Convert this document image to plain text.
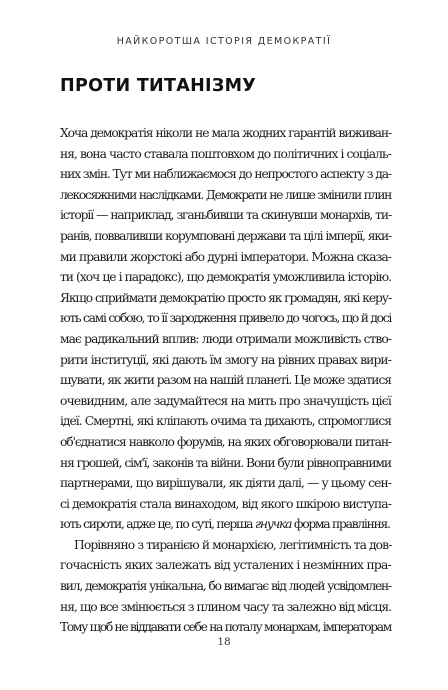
НАЙКОРОТША ІСТОРІЯ ДЕМОКРАТІЇ
ПРОТИ ТИТАНІЗМУ

Хоча демократія ніколи не мала жодних гарантій виживан-
ня, вона часто ставала поштовхом до політичних і соціаль-
них змін. Тут ми наближаємося до непростого аспекту з да-
лекосяжними наслідками. Демократи не лише змінили плин
історії — наприклад, зганьбивши та скинувши монархів, ти-
ранів, повваливши корумповані держави та цілі імперії, яки-
ми правили жорстокі або дурні імператори. Можна сказа-
ти (хоч це і парадокс), що демократія уможливила історію.
Якщо сприймати демократію просто як громадян, які керу-
ють самі собою, то її зародження привело до чогось, що й досі
має радикальний вплив: люди отримали можливість ство-
рити інституції, які дають їм змогу на рівних правах вири-
шувати, як жити разом на нашій планеті. Це може здатися
очевидним, але задумайтеся на мить про значущість цієї
ідеї. Смертні, які кліпають очима та дихають, спромоглися
об'єднатися навколо форумів, на яких обговорювали питан-
ня грошей, сім'ї, законів та війни. Вони були рівноправними
партнерами, що вирішували, як діяти далі, — у цьому сен-
сі демократія стала винаходом, від якого шкірою виступа-
ють сироти, адже це, по суті, перша гнучка форма правління.

Порівняно з тиранією й монархією, легітимність та дов-
гочасність яких залежать від усталених і незмінних пра-
вил, демократія унікальна, бо вимагає від людей усвідомлен-
ня, що все змінюється з плином часу та залежно від місця.
Тому щоб не віддавати себе на поталу монархам, імператорам

18
